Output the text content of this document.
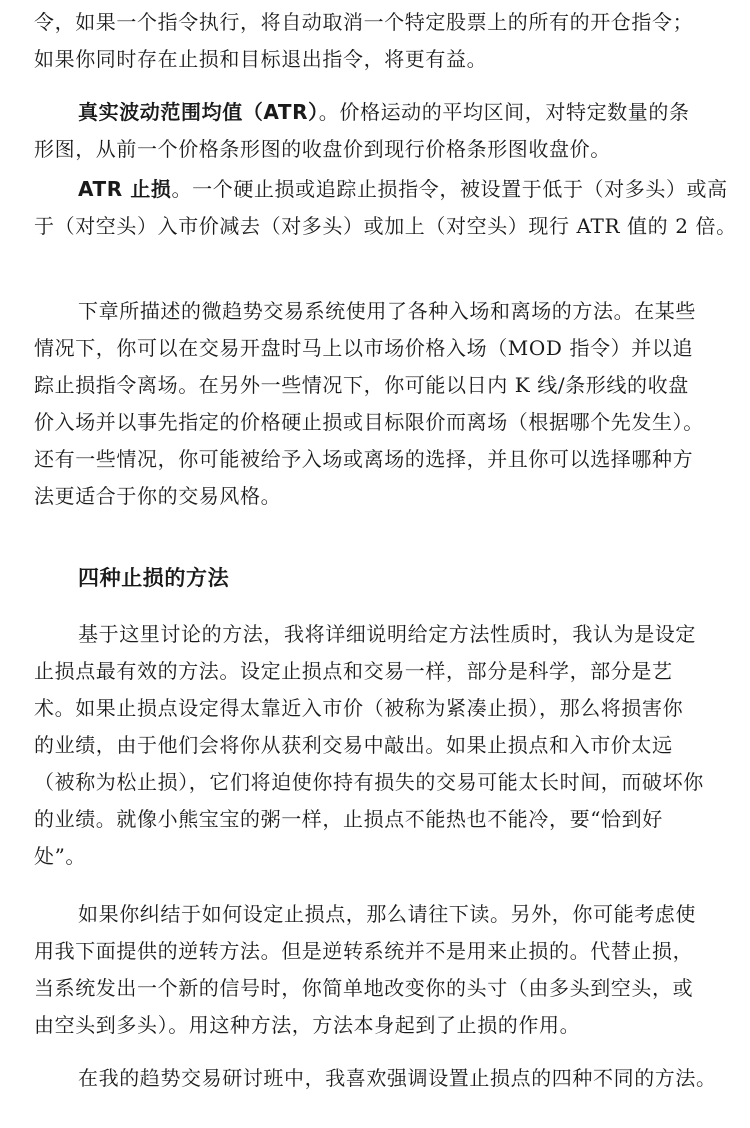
令，如果一个指令执行，将自动取消一个特定股票上的所有的开仓指令；
如果你同时存在止损和目标退出指令，将更有益。

真实波动范围均值（ATR）。价格运动的平均区间，对特定数量的条
形图，从前一个价格条形图的收盘价到现行价格条形图收盘价。

ATR 止损。一个硬止损或追踪止损指令，被设置于低于（对多头）或高
于（对空头）入市价减去（对多头）或加上（对空头）现行 ATR 值的 2 倍。

下章所描述的微趋势交易系统使用了各种入场和离场的方法。在某些
情况下，你可以在交易开盘时马上以市场价格入场（MOD 指令）并以追
踪止损指令离场。在另外一些情况下，你可能以日内 K 线/条形线的收盘
价入场并以事先指定的价格硬止损或目标限价而离场（根据哪个先发生）。
还有一些情况，你可能被给予入场或离场的选择，并且你可以选择哪种方
法更适合于你的交易风格。

四种止损的方法

基于这里讨论的方法，我将详细说明给定方法性质时，我认为是设定
止损点最有效的方法。设定止损点和交易一样，部分是科学，部分是艺
术。如果止损点设定得太靠近入市价（被称为紧凑止损），那么将损害你
的业绩，由于他们会将你从获利交易中敲出。如果止损点和入市价太远
（被称为松止损），它们将迫使你持有损失的交易可能太长时间，而破坏你
的业绩。就像小熊宝宝的粥一样，止损点不能热也不能冷，要“恰到好
处”。

如果你纠结于如何设定止损点，那么请往下读。另外，你可能考虑使
用我下面提供的逆转方法。但是逆转系统并不是用来止损的。代替止损，
当系统发出一个新的信号时，你简单地改变你的头寸（由多头到空头，或
由空头到多头）。用这种方法，方法本身起到了止损的作用。

在我的趋势交易研讨班中，我喜欢强调设置止损点的四种不同的方法。
